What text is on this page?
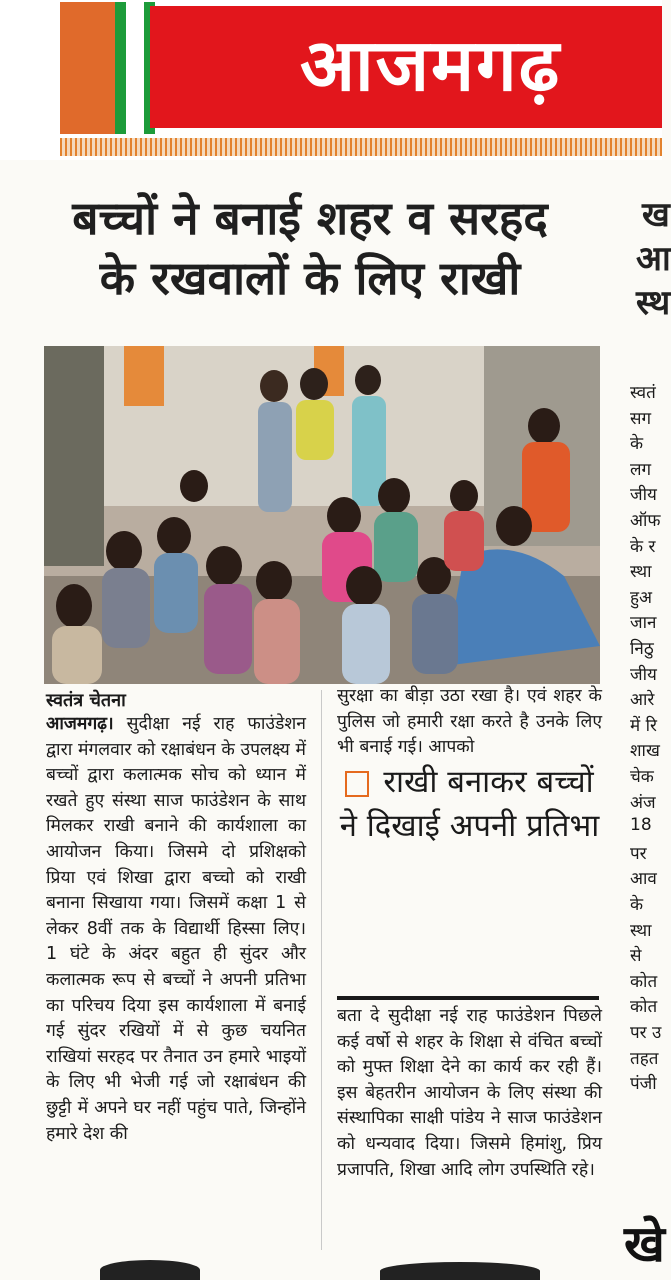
आजमगढ़
ख
आ
स्थ
स्वतं
सग
के
लग
जीय
ऑफ
के र
स्था
हुअ
जान
निठु
जीय
आरे
में रि
शाख
चेक
अंज
18
पर
आव
के
स्था
से
कोत
कोत
पर उ
तहत
पंजी
खे
बच्चों ने बनाई शहर व सरहद
के रखवालों के लिए राखी
स्वतंत्र चेतना
आजमगढ़। सुदीक्षा नई राह फाउंडेशन द्वारा मंगलवार को रक्षाबंधन के उपलक्ष्य में बच्चों द्वारा कलात्मक सोच को ध्यान में रखते हुए संस्था साज फाउंडेशन के साथ मिलकर राखी बनाने की कार्यशाला का आयोजन किया। जिसमे दो प्रशिक्षको प्रिया एवं शिखा द्वारा बच्चो को राखी बनाना सिखाया गया। जिसमें कक्षा 1 से लेकर 8वीं तक के विद्यार्थी हिस्सा लिए। 1 घंटे के अंदर बहुत ही सुंदर और कलात्मक रूप से बच्चों ने अपनी प्रतिभा का परिचय दिया इस कार्यशाला में बनाई गई सुंदर रखियों में से कुछ चयनित राखियां सरहद पर तैनात उन हमारे भाइयों के लिए भी भेजी गई जो रक्षाबंधन की छुट्टी में अपने घर नहीं पहुंच पाते, जिन्होंने हमारे देश की
सुरक्षा का बीड़ा उठा रखा है। एवं शहर के पुलिस जो हमारी रक्षा करते है उनके लिए भी बनाई गई। आपको
राखी बनाकर बच्चों ने दिखाई अपनी प्रतिभा
बता दे सुदीक्षा नई राह फाउंडेशन पिछले कई वर्षो से शहर के शिक्षा से वंचित बच्चों को मुफ्त शिक्षा देने का कार्य कर रही हैं। इस बेहतरीन आयोजन के लिए संस्था की संस्थापिका साक्षी पांडेय ने साज फाउंडेशन को धन्यवाद दिया। जिसमे हिमांशु, प्रिय प्रजापति, शिखा आदि लोग उपस्थिति रहे।
